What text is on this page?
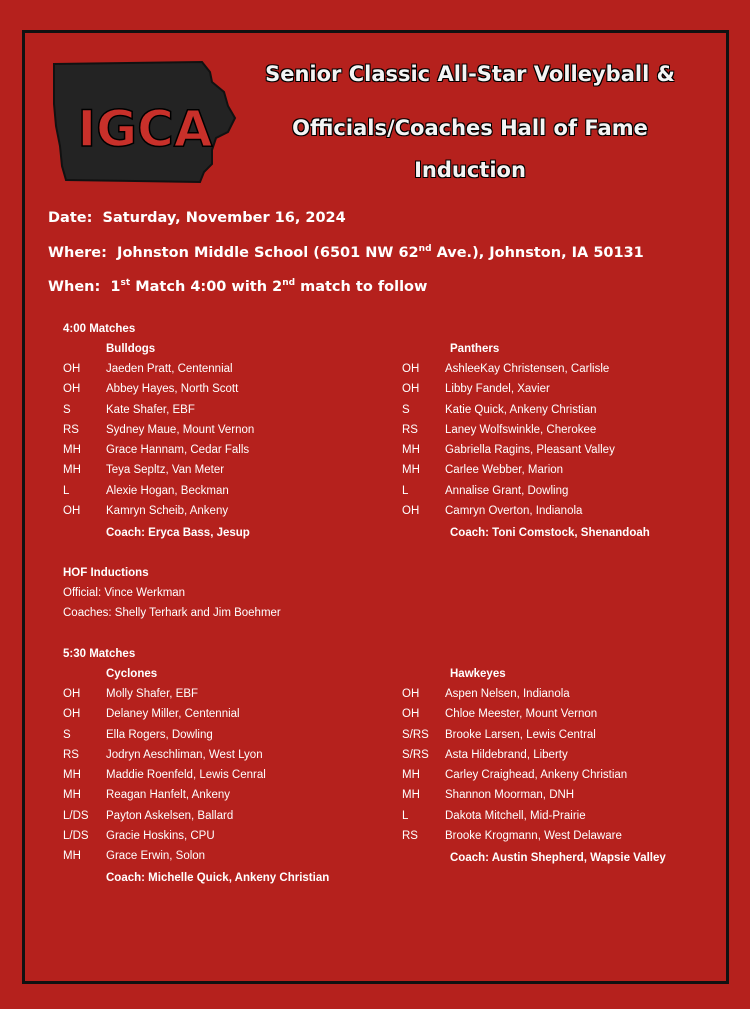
IGCA
Senior Classic All-Star Volleyball &
Officials/Coaches Hall of Fame
Induction
Date: Saturday, November 16, 2024
Where: Johnston Middle School (6501 NW 62nd Ave.), Johnston, IA 50131
When: 1st Match 4:00 with 2nd match to follow
4:00 Matches
Bulldogs
OH Jaeden Pratt, Centennial
OH Abbey Hayes, North Scott
S	Kate Shafer, EBF
RS Sydney Maue, Mount Vernon
MH Grace Hannam, Cedar Falls
MH Teya Sepltz, Van Meter
L	Alexie Hogan, Beckman
OH Kamryn Scheib, Ankeny
Coach: Eryca Bass, Jesup
Panthers
OH AshleeKay Christensen, Carlisle
OH Libby Fandel, Xavier
S	Katie Quick, Ankeny Christian
RS Laney Wolfswinkle, Cherokee
MH Gabriella Ragins, Pleasant Valley
MH Carlee Webber, Marion
L	Annalise Grant, Dowling
OH Camryn Overton, Indianola
Coach: Toni Comstock, Shenandoah
HOF Inductions
Official: Vince Werkman
Coaches: Shelly Terhark and Jim Boehmer
5:30 Matches
Cyclones
OH Molly Shafer, EBF
OH Delaney Miller, Centennial
S	Ella Rogers, Dowling
RS Jodryn Aeschliman, West Lyon
MH Maddie Roenfeld, Lewis Cenral
MH Reagan Hanfelt, Ankeny
L/DS Payton Askelsen, Ballard
L/DS Gracie Hoskins, CPU
MH Grace Erwin, Solon
Coach: Michelle Quick, Ankeny Christian
Hawkeyes
OH Aspen Nelsen, Indianola
OH Chloe Meester, Mount Vernon
S/RS Brooke Larsen, Lewis Central
S/RS Asta Hildebrand, Liberty
MH Carley Craighead, Ankeny Christian
MH Shannon Moorman, DNH
L	Dakota Mitchell, Mid-Prairie
RS Brooke Krogmann, West Delaware
Coach: Austin Shepherd, Wapsie Valley
